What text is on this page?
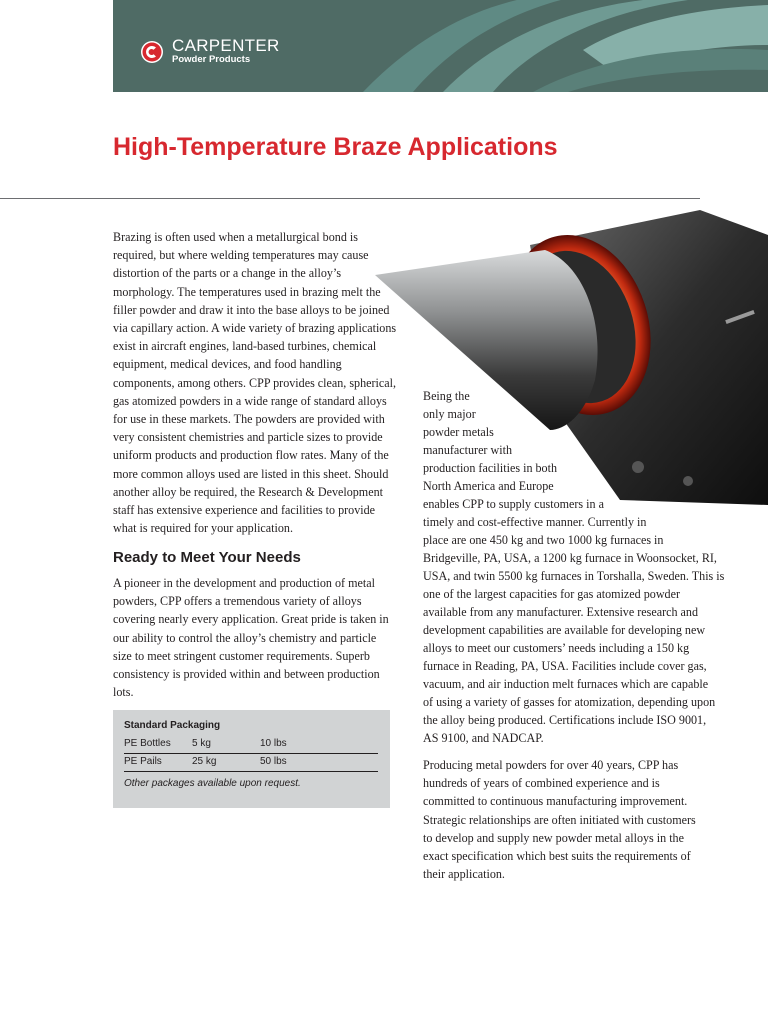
CARPENTER
Powder Products
High-Temperature Braze Applications

Brazing is often used when a metallurgical bond is required, but where welding temperatures may cause distortion of the parts or a change in the alloy’s morphology. The temperatures used in brazing melt the filler powder and draw it into the base alloys to be joined via capillary action. A wide variety of brazing applications exist in aircraft engines, land-based turbines, chemical equipment, medical devices, and food handling components, among others. CPP provides clean, spherical, gas atomized powders in a wide range of standard alloys for use in these markets. The powders are provided with very consistent chemistries and particle sizes to provide uniform products and production flow rates. Many of the more common alloys used are listed in this sheet. Should another alloy be required, the Research & Development staff has extensive experience and facilities to provide what is required for your application.

Ready to Meet Your Needs

A pioneer in the development and production of metal powders, CPP offers a tremendous variety of alloys covering nearly every application. Great pride is taken in our ability to control the alloy’s chemistry and particle size to meet stringent customer requirements. Superb consistency is provided within and between production lots.

Standard Packaging
PE Bottles 5 kg	10 lbs
PE Pails	25 kg	50 lbs
Other packages available upon request.
Being the
only major
powder metals
manufacturer with
production facilities in both
North America and Europe
enables CPP to supply customers in a
timely and cost-effective manner. Currently in
place are one 450 kg and two 1000 kg furnaces in
Bridgeville, PA, USA, a 1200 kg furnace in Woonsocket, RI,
USA, and twin 5500 kg furnaces in Torshalla, Sweden. This is
one of the largest capacities for gas atomized powder
available from any manufacturer. Extensive research and
development capabilities are available for developing new
alloys to meet our customers’ needs including a 150 kg
furnace in Reading, PA, USA. Facilities include cover gas,
vacuum, and air induction melt furnaces which are capable
of using a variety of gasses for atomization, depending upon
the alloy being produced. Certifications include ISO 9001,
AS 9100, and NADCAP.

Producing metal powders for over 40 years, CPP has hundreds of years of combined experience and is committed to continuous manufacturing improvement. Strategic relationships are often initiated with customers to develop and supply new powder metal alloys in the exact specification which best suits the requirements of their application.
